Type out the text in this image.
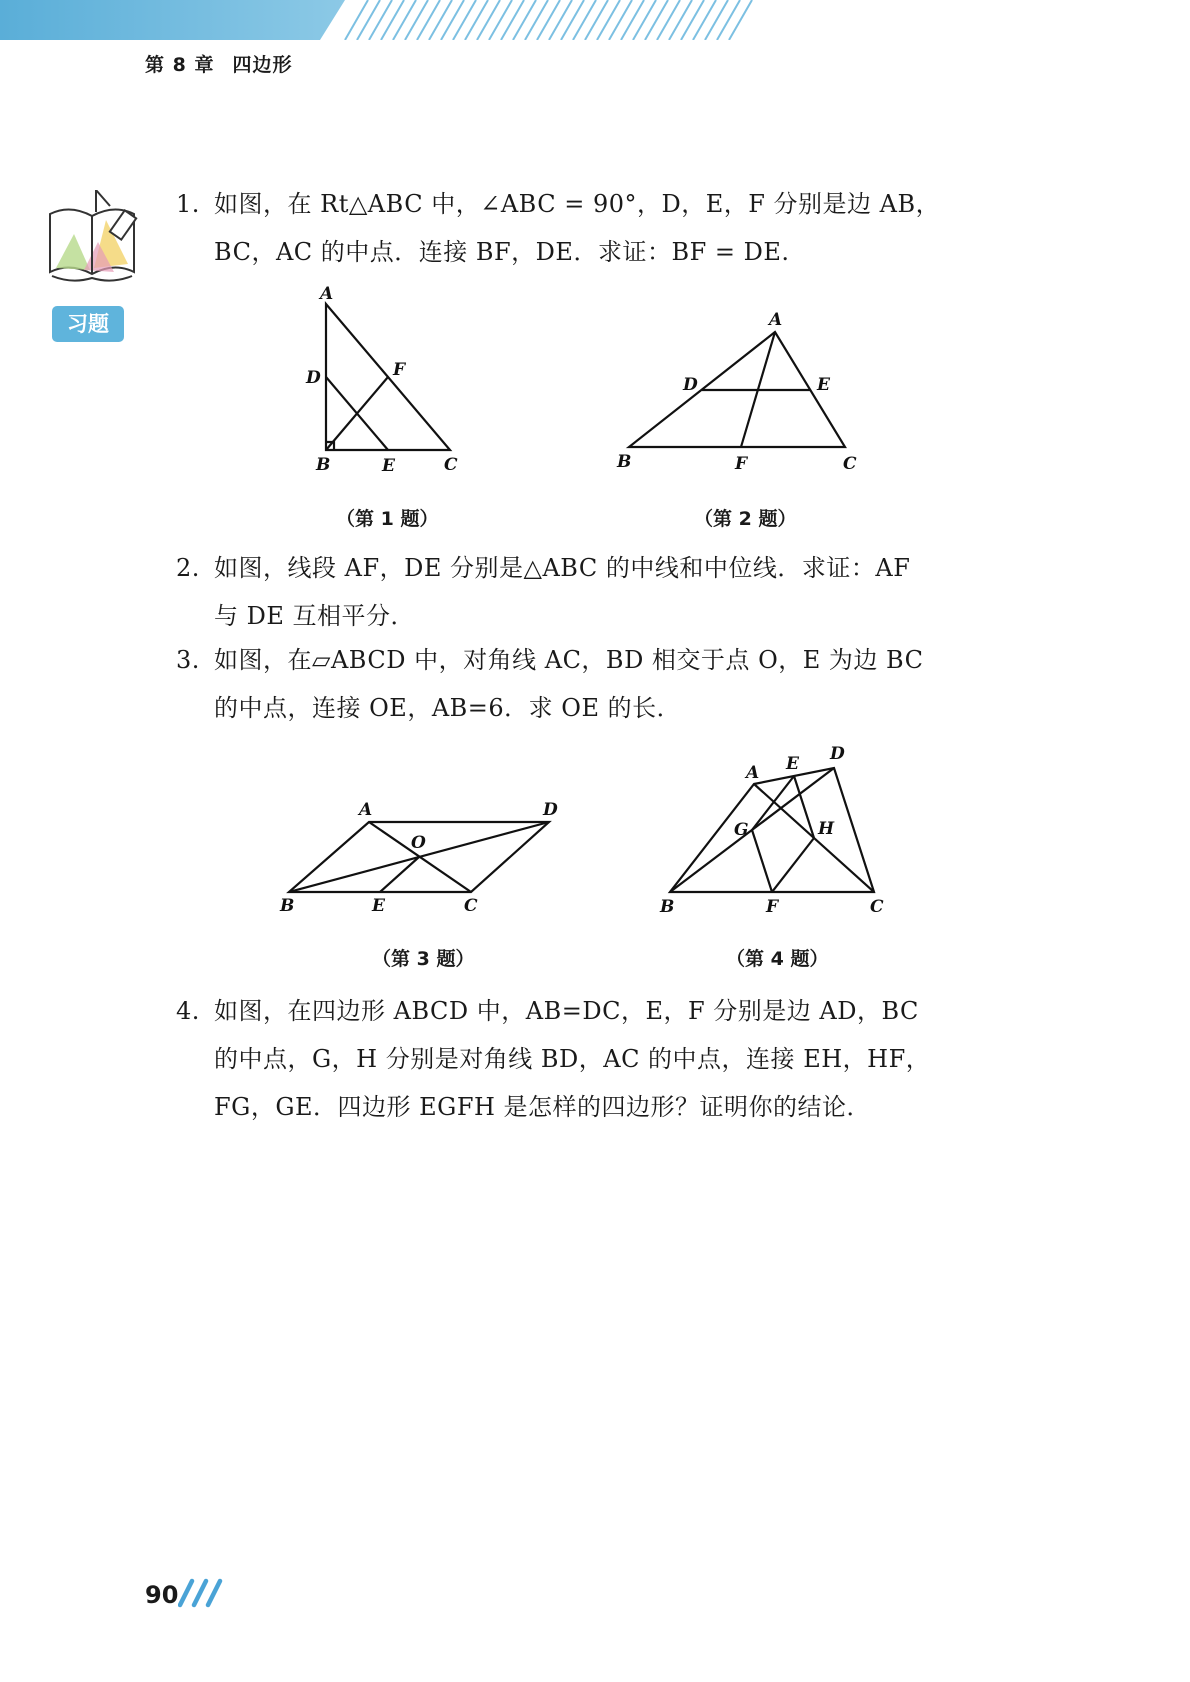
第 8 章 四边形
习题
1. 如图，在 Rt△ABC 中，∠ABC = 90°，D，E，F 分别是边 AB，
BC，AC 的中点．连接 BF，DE．求证：BF = DE.
A
D	F
B	E	C
（第 1 题）
A
D	E
B	F	C
（第 2 题）
2. 如图，线段 AF，DE 分别是△ABC 的中线和中位线．求证：AF
与 DE 互相平分．
3. 如图，在▱ABCD 中，对角线 AC，BD 相交于点 O，E 为边 BC
的中点，连接 OE，AB=6．求 OE 的长．
A	D
O
B	E	C
（第 3 题）
A E D
G	H
B	F	C
（第 4 题）
4. 如图，在四边形 ABCD 中，AB=DC，E，F 分别是边 AD，BC
的中点，G，H 分别是对角线 BD，AC 的中点，连接 EH，HF，
FG，GE．四边形 EGFH 是怎样的四边形？证明你的结论．
90
